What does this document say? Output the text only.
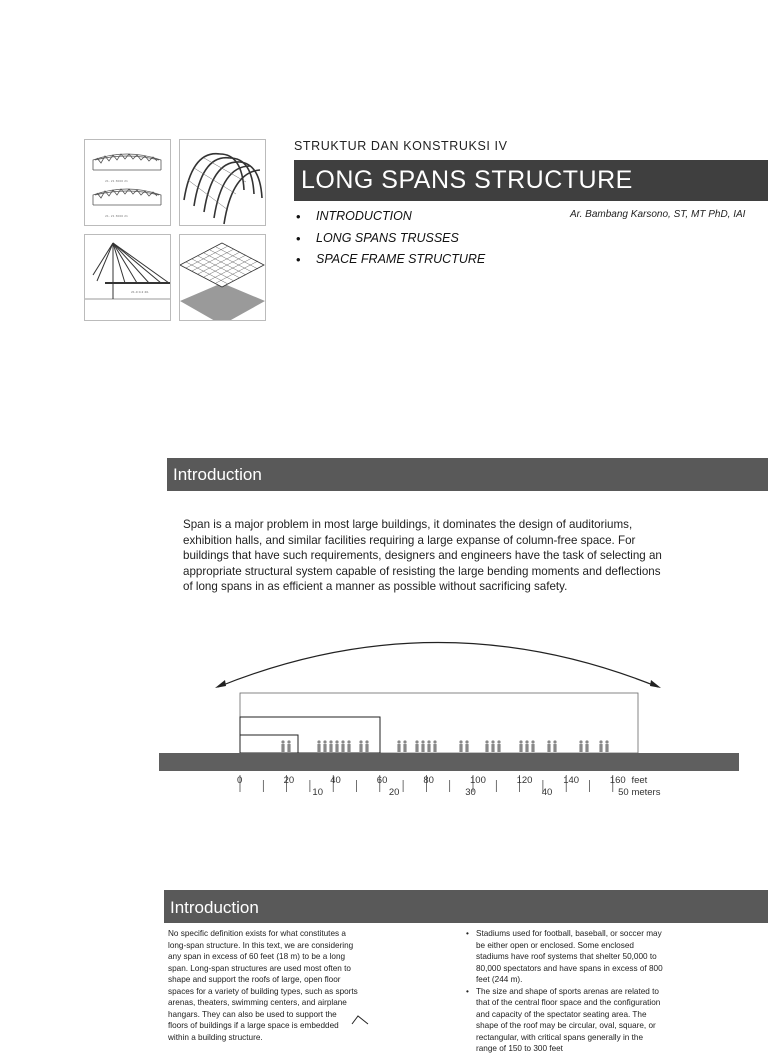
21. 21 3000 21
21. 21 3000 21
21.0 0.2 20.
STRUKTUR DAN KONSTRUKSI IV
LONG SPANS STRUCTURE
• INTRODUCTION
• LONG SPANS TRUSSES
• SPACE FRAME STRUCTURE
Ar. Bambang Karsono, ST, MT PhD, IAI
Introduction

Span is a major problem in most large buildings, it dominates the design of auditoriums, exhibition halls, and similar facilities requiring a large expanse of column-free space. For buildings that have such requirements, designers and engineers have the task of selecting an appropriate structural system capable of resisting the large bending moments and deflections of long spans in as efficient a manner as possible without sacrificing safety.

0	20	40	60	80	100	120	140	160 feet
10	20	30	40	50 meters
Introduction

No specific definition exists for what constitutes a long-span structure. In this text, we are considering any span in excess of 60 feet (18 m) to be a long span. Long-span structures are used most often to shape and support the roofs of large, open floor spaces for a variety of building types, such as sports arenas, theaters, swimming centers, and airplane hangars. They can also be used to support the floors of buildings if a large space is embedded within a building structure.

• Stadiums used for football, baseball, or soccer may be either open or enclosed. Some enclosed stadiums have roof systems that shelter 50,000 to 80,000 spectators and have spans in excess of 800 feet (244 m).
• The size and shape of sports arenas are related to that of the central floor space and the configuration and capacity of the spectator seating area. The shape of the roof may be circular, oval, square, or rectangular, with critical spans generally in the range of 150 to 300 feet
